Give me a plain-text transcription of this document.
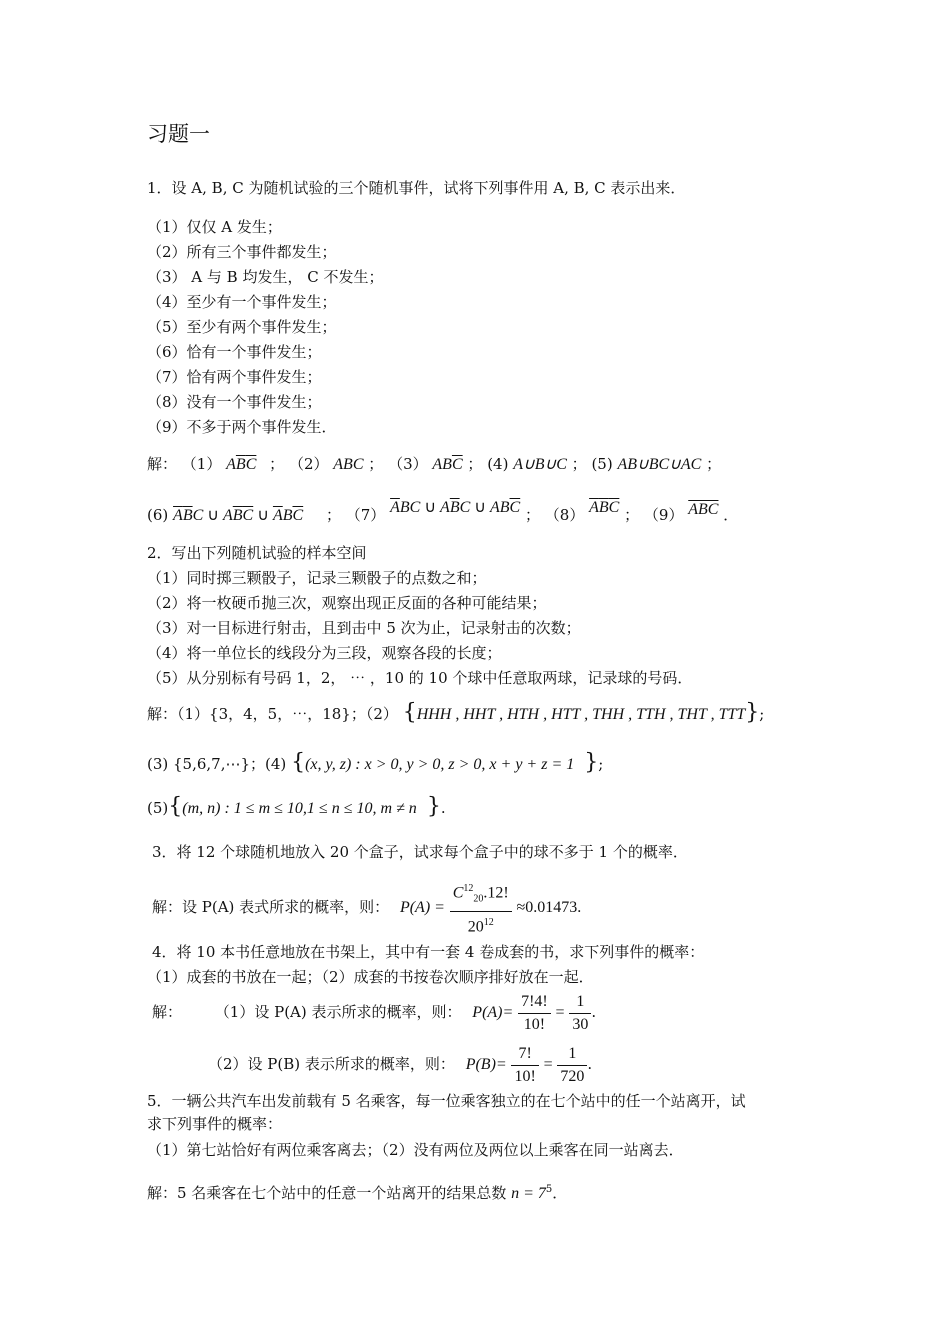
习题一
1．设 A, B, C 为随机试验的三个随机事件，试将下列事件用 A, B, C 表示出来．
（1）仅仅 A 发生；
（2）所有三个事件都发生；
（3） A 与 B 均发生， C 不发生；
（4）至少有一个事件发生；
（5）至少有两个事件发生；
（6）恰有一个事件发生；
（7）恰有两个事件发生；
（8）没有一个事件发生；
（9）不多于两个事件发生．
解： （1） $A\overline{B}\overline{C}$ ； （2） ABC ； （3） $AB\overline{C}$ ； (4) A∪B∪C ； (5) AB∪BC∪AC ；
(6) $\overline{A}\overline{B}C$ ∪ $A\overline{B}\overline{C}$ ∪ $\overline{A}B\overline{C}$ ； （7） $\overline{A}BC$ ∪ $A\overline{B}C$ ∪ $AB\overline{C}$ ； （8） $\overline{A}\overline{B}\overline{C}$ ； （9） $\overline{ABC}$ ．
2．写出下列随机试验的样本空间
（1）同时掷三颗骰子，记录三颗骰子的点数之和；
（2）将一枚硬币抛三次，观察出现正反面的各种可能结果；
（3）对一目标进行射击，且到击中 5 次为止，记录射击的次数；
（4）将一单位长的线段分为三段，观察各段的长度；
（5）从分别标有号码 1，2， ⋯ ，10 的 10 个球中任意取两球，记录球的号码．
解：（1）{3，4，5，⋯，18}；（2） {HHH , HHT , HTH , HTT , THH , TTH , THT , TTT};
(3) {5,6,7,⋯}；(4) {(x, y, z) : x > 0, y > 0, z > 0, x + y + z = 1 };
(5){(m, n) : 1 ≤ m ≤ 10,1 ≤ n ≤ 10, m ≠ n }.
3．将 12 个球随机地放入 20 个盒子，试求每个盒子中的球不多于 1 个的概率．
解：设 P(A) 表式所求的概率，则： $P(A) = \frac{C^{12}_{20}.12!}{20^{12}} \approx 0.01473$.
4．将 10 本书任意地放在书架上，其中有一套 4 卷成套的书，求下列事件的概率：
（1）成套的书放在一起；（2）成套的书按卷次顺序排好放在一起．
解： （1）设 P(A) 表示所求的概率，则： $P(A)= \frac{7!4!}{10!} = \frac{1}{30}$ .
（2）设 P(B) 表示所求的概率，则： $P(B)= \frac{7!}{10!} = \frac{1}{720}$ .
5．一辆公共汽车出发前载有 5 名乘客，每一位乘客独立的在七个站中的任一个站离开，试
求下列事件的概率：
（1）第七站恰好有两位乘客离去；（2）没有两位及两位以上乘客在同一站离去．
解：5 名乘客在七个站中的任意一个站离开的结果总数 $n = 7^5$．
